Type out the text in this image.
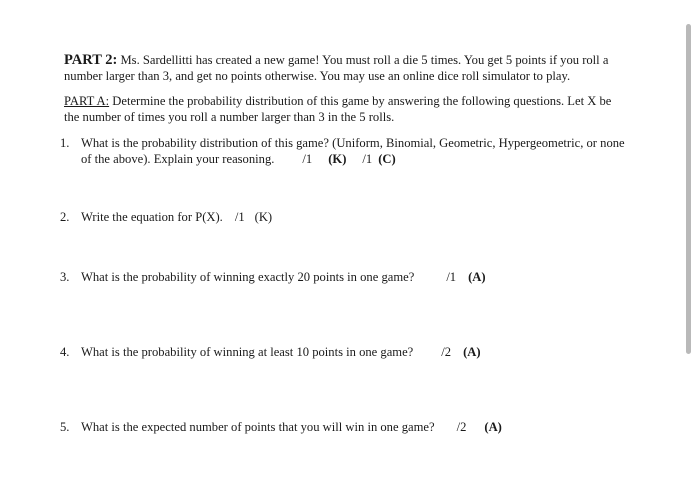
PART 2: Ms. Sardellitti has created a new game! You must roll a die 5 times. You get 5 points if you roll a
number larger than 3, and get no points otherwise. You may use an online dice roll simulator to play.
PART A: Determine the probability distribution of this game by answering the following questions. Let X be
the number of times you roll a number larger than 3 in the 5 rolls.
1. What is the probability distribution of this game? (Uniform, Binomial, Geometric, Hypergeometric, or none
of the above). Explain your reasoning. /1 (K) /1 (C)
2. Write the equation for P(X). /1 (K)
3. What is the probability of winning exactly 20 points in one game?	/1 (A)
4. What is the probability of winning at least 10 points in one game? /2 (A)
5. What is the expected number of points that you will win in one game? /2 (A)
